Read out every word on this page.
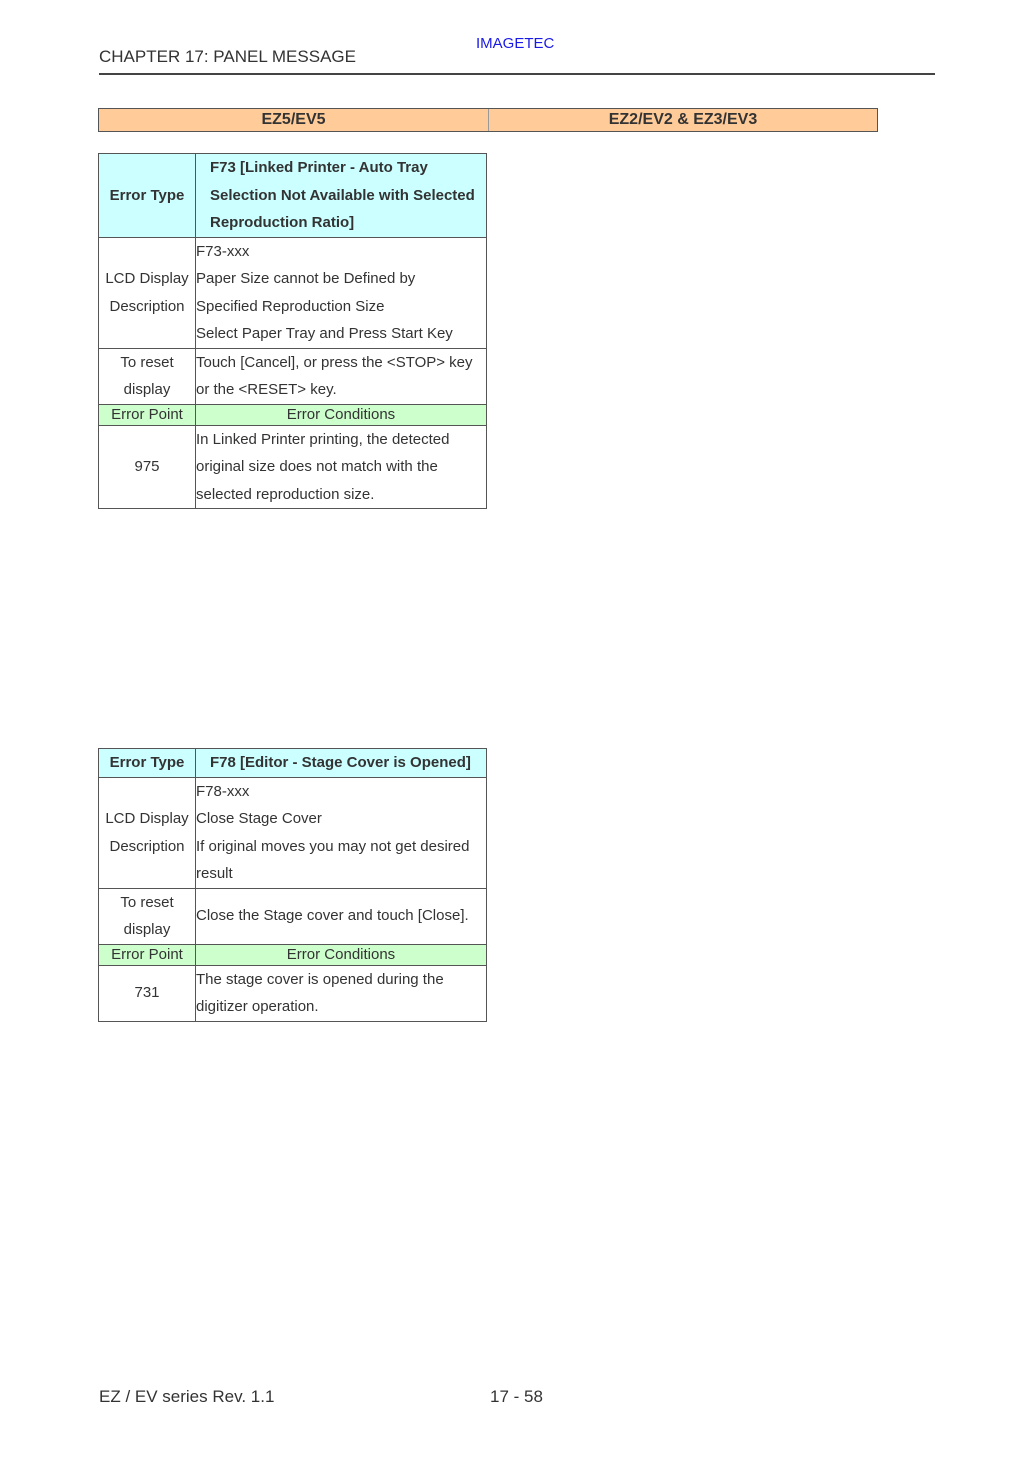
IMAGETEC
CHAPTER 17: PANEL MESSAGE
EZ5/EV5	EZ2/EV2 & EZ3/EV3
Error Type	F73 [Linked Printer - Auto Tray
Selection Not Available with Selected
Reproduction Ratio]

LCD Display
Description	F73-xxx
Paper Size cannot be Defined by
Specified Reproduction Size
Select Paper Tray and Press Start Key

To reset
display	Touch [Cancel], or press the <STOP> key
or the <RESET> key.

Error Point	Error Conditions
975	In Linked Printer printing, the detected
original size does not match with the
selected reproduction size.
Error Type	F78 [Editor - Stage Cover is Opened]

LCD Display
Description	F78-xxx
Close Stage Cover
If original moves you may not get desired
result

To reset
display	Close the Stage cover and touch [Close].

Error Point	Error Conditions
731	The stage cover is opened during the
digitizer operation.
EZ / EV series Rev. 1.1	17 - 58
